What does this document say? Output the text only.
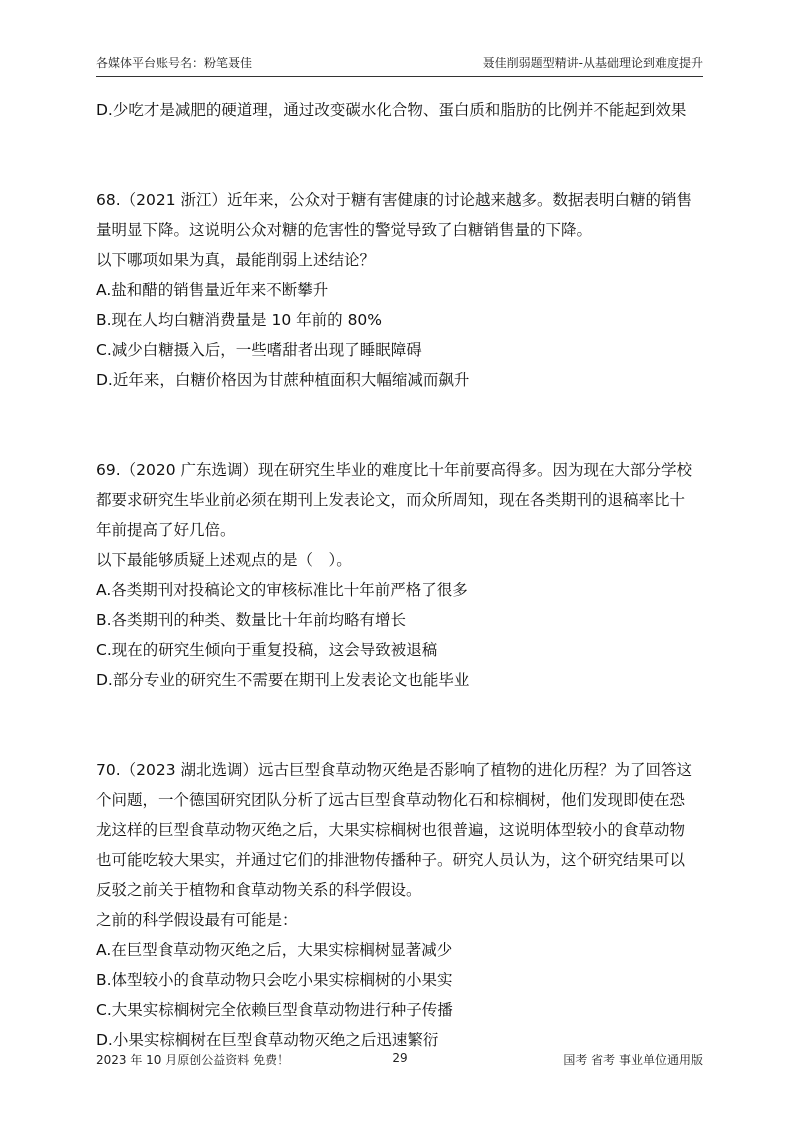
各媒体平台账号名：粉笔聂佳	聂佳削弱题型精讲-从基础理论到难度提升
D.少吃才是减肥的硬道理，通过改变碳水化合物、蛋白质和脂肪的比例并不能起到效果
68.（2021 浙江）近年来，公众对于糖有害健康的讨论越来越多。数据表明白糖的销售
量明显下降。这说明公众对糖的危害性的警觉导致了白糖销售量的下降。
以下哪项如果为真，最能削弱上述结论？
A.盐和醋的销售量近年来不断攀升
B.现在人均白糖消费量是 10 年前的 80%
C.减少白糖摄入后，一些嗜甜者出现了睡眠障碍
D.近年来，白糖价格因为甘蔗种植面积大幅缩减而飙升
69.（2020 广东选调）现在研究生毕业的难度比十年前要高得多。因为现在大部分学校
都要求研究生毕业前必须在期刊上发表论文，而众所周知，现在各类期刊的退稿率比十
年前提高了好几倍。
以下最能够质疑上述观点的是（　）。
A.各类期刊对投稿论文的审核标准比十年前严格了很多
B.各类期刊的种类、数量比十年前均略有增长
C.现在的研究生倾向于重复投稿，这会导致被退稿
D.部分专业的研究生不需要在期刊上发表论文也能毕业
70.（2023 湖北选调）远古巨型食草动物灭绝是否影响了植物的进化历程？为了回答这
个问题，一个德国研究团队分析了远古巨型食草动物化石和棕榈树，他们发现即使在恐
龙这样的巨型食草动物灭绝之后，大果实棕榈树也很普遍，这说明体型较小的食草动物
也可能吃较大果实，并通过它们的排泄物传播种子。研究人员认为，这个研究结果可以
反驳之前关于植物和食草动物关系的科学假设。
之前的科学假设最有可能是：
A.在巨型食草动物灭绝之后，大果实棕榈树显著减少
B.体型较小的食草动物只会吃小果实棕榈树的小果实
C.大果实棕榈树完全依赖巨型食草动物进行种子传播
D.小果实棕榈树在巨型食草动物灭绝之后迅速繁衍
2023 年 10 月原创公益资料 免费！	29	国考 省考 事业单位通用版
